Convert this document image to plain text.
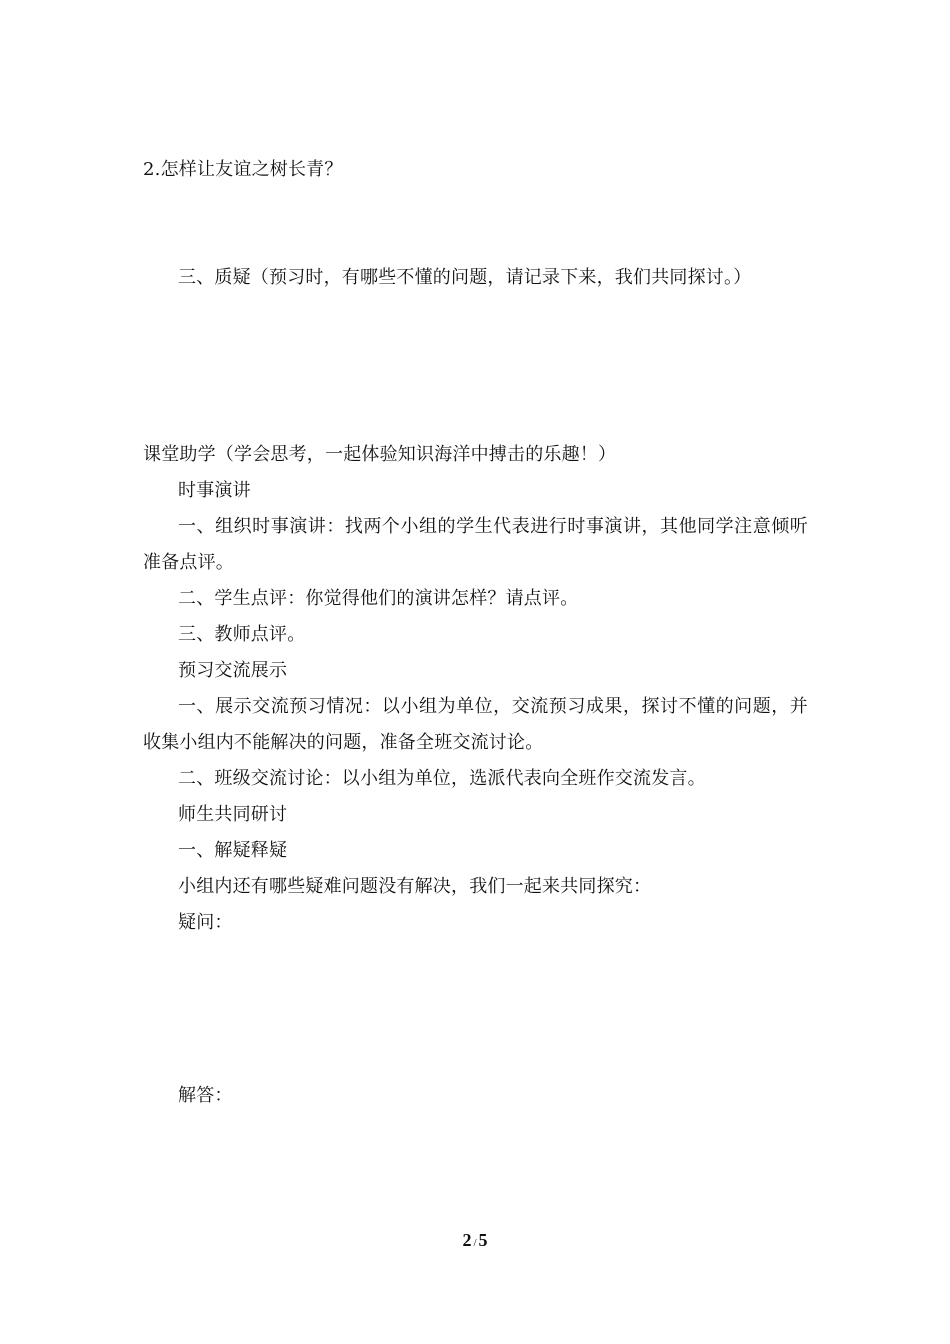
2.怎样让友谊之树长青？
三、质疑（预习时，有哪些不懂的问题，请记录下来，我们共同探讨。）
课堂助学（学会思考，一起体验知识海洋中搏击的乐趣！）
时事演讲
一、组织时事演讲：找两个小组的学生代表进行时事演讲，其他同学注意倾听
准备点评。
二、学生点评：你觉得他们的演讲怎样？请点评。
三、教师点评。
预习交流展示
一、展示交流预习情况：以小组为单位，交流预习成果，探讨不懂的问题，并
收集小组内不能解决的问题，准备全班交流讨论。
二、班级交流讨论：以小组为单位，选派代表向全班作交流发言。
师生共同研讨
一、解疑释疑
小组内还有哪些疑难问题没有解决，我们一起来共同探究：
疑问：
解答：
2 / 5
